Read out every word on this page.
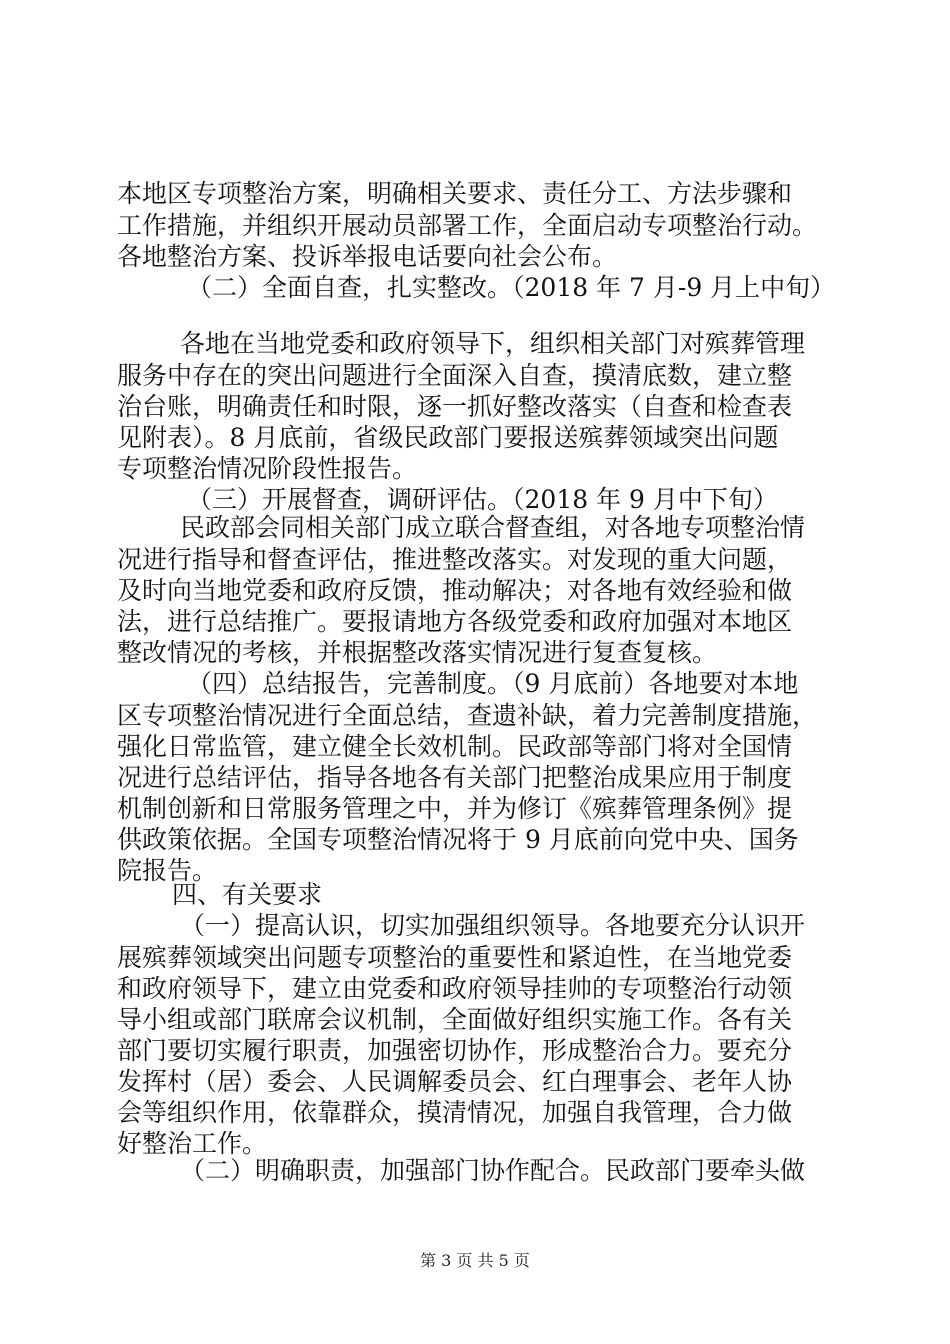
本地区专项整治方案，明确相关要求、责任分工、方法步骤和
工作措施，并组织开展动员部署工作，全面启动专项整治行动。
各地整治方案、投诉举报电话要向社会公布。
（二）全面自查，扎实整改。（2018 年 7 月-9 月上中旬）
各地在当地党委和政府领导下，组织相关部门对殡葬管理
服务中存在的突出问题进行全面深入自查，摸清底数，建立整
治台账，明确责任和时限，逐一抓好整改落实（自查和检查表
见附表）。8 月底前，省级民政部门要报送殡葬领域突出问题
专项整治情况阶段性报告。
（三）开展督查，调研评估。（2018 年 9 月中下旬）
民政部会同相关部门成立联合督查组，对各地专项整治情
况进行指导和督查评估，推进整改落实。对发现的重大问题，
及时向当地党委和政府反馈，推动解决；对各地有效经验和做
法，进行总结推广。要报请地方各级党委和政府加强对本地区
整改情况的考核，并根据整改落实情况进行复查复核。
（四）总结报告，完善制度。（9 月底前）各地要对本地
区专项整治情况进行全面总结，查遗补缺，着力完善制度措施，
强化日常监管，建立健全长效机制。民政部等部门将对全国情
况进行总结评估，指导各地各有关部门把整治成果应用于制度
机制创新和日常服务管理之中，并为修订《殡葬管理条例》提
供政策依据。全国专项整治情况将于 9 月底前向党中央、国务
院报告。
四、有关要求
（一）提高认识，切实加强组织领导。各地要充分认识开
展殡葬领域突出问题专项整治的重要性和紧迫性，在当地党委
和政府领导下，建立由党委和政府领导挂帅的专项整治行动领
导小组或部门联席会议机制，全面做好组织实施工作。各有关
部门要切实履行职责，加强密切协作，形成整治合力。要充分
发挥村（居）委会、人民调解委员会、红白理事会、老年人协
会等组织作用，依靠群众，摸清情况，加强自我管理，合力做
好整治工作。
（二）明确职责，加强部门协作配合。民政部门要牵头做
第 3 页 共 5 页
